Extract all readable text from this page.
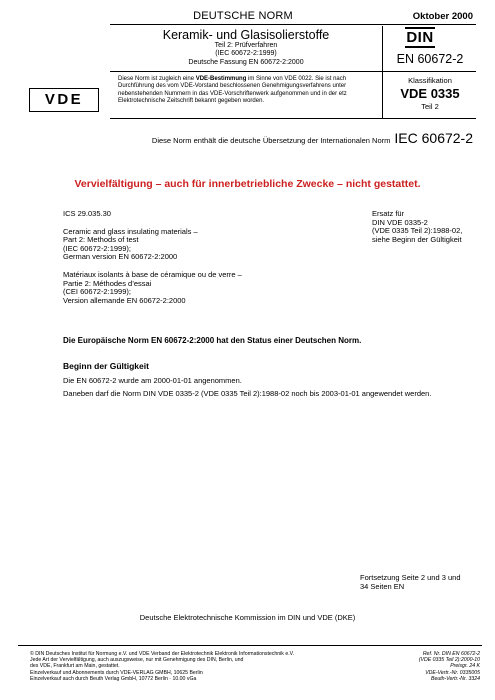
DEUTSCHE NORM	Oktober 2000
Keramik- und Glasisolierstoffe
Teil 2: Prüfverfahren
(IEC 60672-2:1999)
Deutsche Fassung EN 60672-2:2000
DIN
EN 60672-2
VDE
Diese Norm ist zugleich eine VDE-Bestimmung im Sinne von VDE 0022. Sie ist nach Durchführung des vom VDE-Vorstand beschlossenen Genehmigungsverfahrens unter nebenstehenden Nummern in das VDE-Vorschriftenwerk aufgenommen und in der etz Elektrotechnische Zeitschrift bekannt gegeben worden.
Klassifikation
VDE 0335
Teil 2
Diese Norm enthält die deutsche Übersetzung der Internationalen Norm IEC 60672-2
Vervielfältigung – auch für innerbetriebliche Zwecke – nicht gestattet.

ICS 29.035.30

Ceramic and glass insulating materials –

Part 2: Methods of test

(IEC 60672-2:1999);

German version EN 60672-2:2000

Matériaux isolants à base de céramique ou de verre –

Partie 2: Méthodes d’essai

(CEI 60672-2:1999);

Version allemande EN 60672-2:2000

Ersatz für
DIN VDE 0335-2
(VDE 0335 Teil 2):1988-02,
siehe Beginn der Gültigkeit
Die Europäische Norm EN 60672-2:2000 hat den Status einer Deutschen Norm.
Beginn der Gültigkeit
Die EN 60672-2 wurde am 2000-01-01 angenommen.
Daneben darf die Norm DIN VDE 0335-2 (VDE 0335 Teil 2):1988-02 noch bis 2003-01-01 angewendet werden.
Fortsetzung Seite 2 und 3 und
34 Seiten EN
Deutsche Elektrotechnische Kommission im DIN und VDE (DKE)
© DIN Deutsches Institut für Normung e.V. und VDE Verband der Elektrotechnik Elektronik Informationstechnik e.V.
Jede Art der Vervielfältigung, auch auszugsweise, nur mit Genehmigung des DIN, Berlin, und
des VDE, Frankfurt am Main, gestattet.
Einzelverkauf und Abonnements durch VDE-VERLAG GMBH, 10625 Berlin
Einzelverkauf auch durch Beuth Verlag GmbH, 10772 Berlin · 10.00 vGa
Ref. Nr. DIN EN 60672-2
(VDE 0335 Teil 2):2000-10
Preisgr. 24 K
VDE-Vertr.-Nr. 0335005
Beuth-Vertr.-Nr. 3324
